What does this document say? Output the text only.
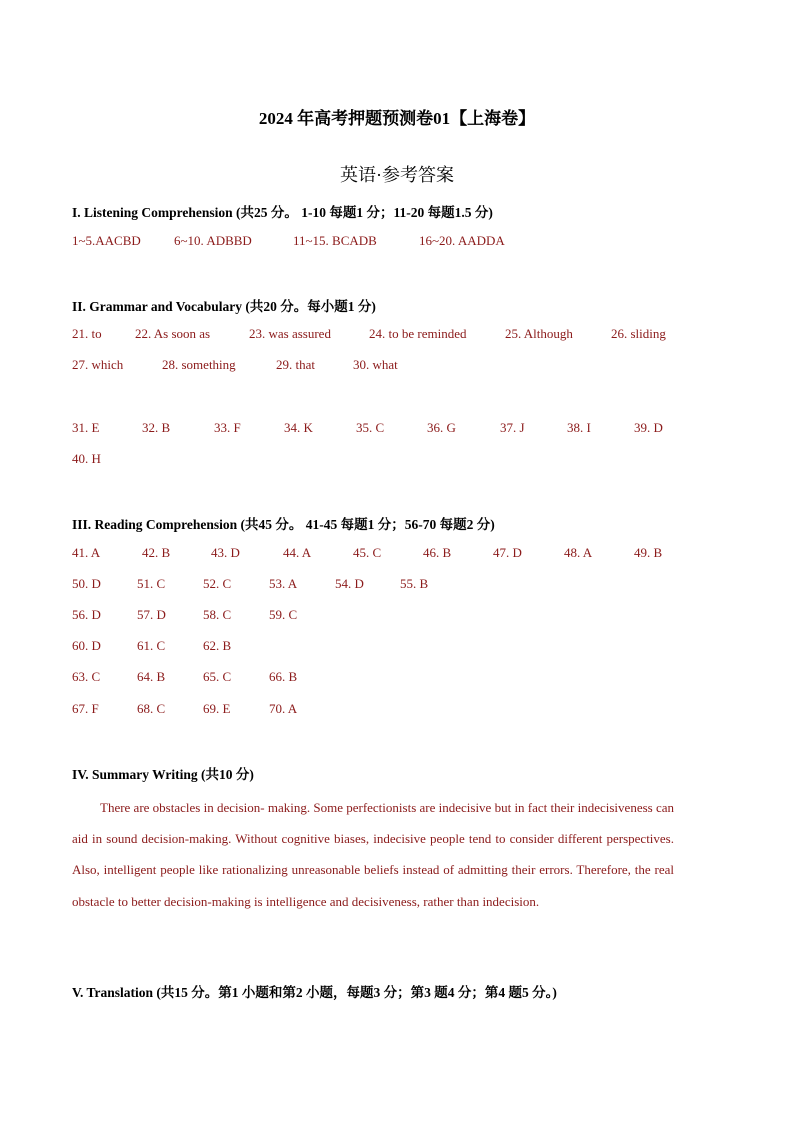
2024 年高考押题预测卷01【上海卷】
英语·参考答案
I. Listening Comprehension (共25 分。 1-10 每题1 分；11-20 每题1.5 分)
1~5.AACBD	6~10. ADBBD	11~15. BCADB	16~20. AADDA
II. Grammar and Vocabulary (共20 分。每小题1 分)
21. to	22. As soon as	23. was assured	24. to be reminded	25. Although	26. sliding
27. which	28. something	29. that	30. what
31. E	32. B	33. F	34. K	35. C	36. G	37. J	38. I	39. D
40. H
III. Reading Comprehension (共45 分。 41-45 每题1 分；56-70 每题2 分)
41. A	42. B	43. D	44. A	45. C	46. B	47. D	48. A	49. B
50. D	51. C	52. C	53. A	54. D	55. B
56. D	57. D	58. C	59. C
60. D	61. C	62. B
63. C	64. B	65. C	66. B
67. F	68. C	69. E	70. A
IV. Summary Writing (共10 分)

There are obstacles in decision- making. Some perfectionists are indecisive but in fact their indecisiveness can aid in sound decision-making. Without cognitive biases, indecisive people tend to consider different perspectives. Also, intelligent people like rationalizing unreasonable beliefs instead of admitting their errors. Therefore, the real obstacle to better decision-making is intelligence and decisiveness, rather than indecision.

V. Translation (共15 分。第1 小题和第2 小题，每题3 分；第3 题4 分；第4 题5 分。)
